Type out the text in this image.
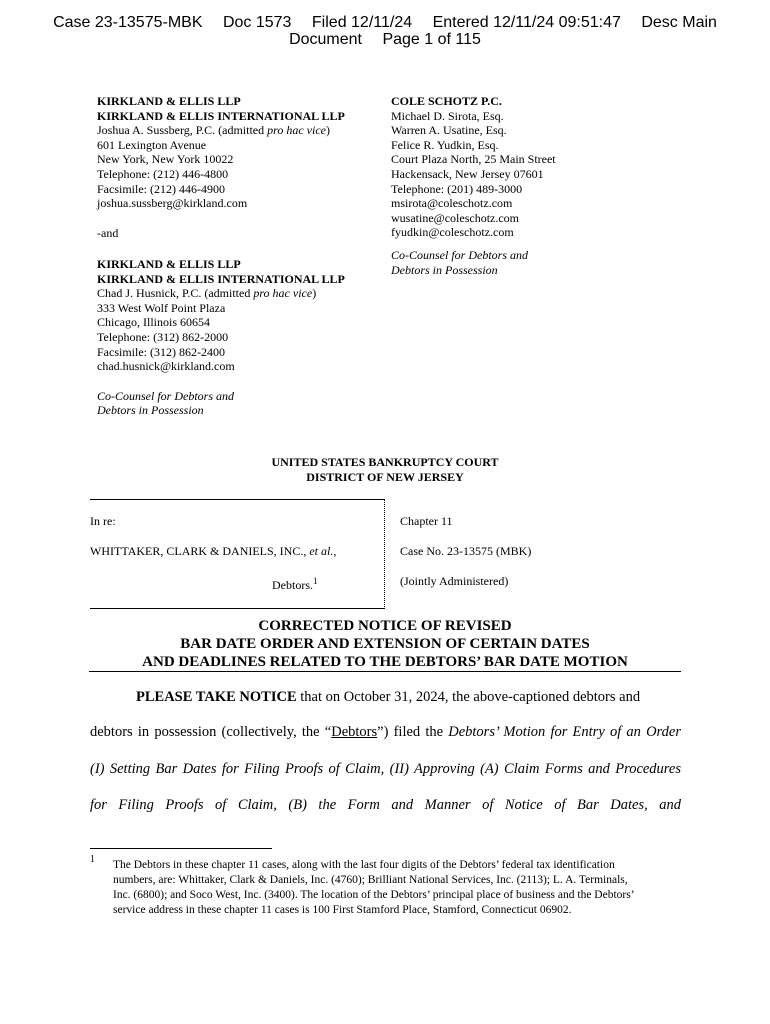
Case 23-13575-MBK Doc 1573 Filed 12/11/24 Entered 12/11/24 09:51:47 Desc Main
Document Page 1 of 115
KIRKLAND & ELLIS LLP
KIRKLAND & ELLIS INTERNATIONAL LLP
Joshua A. Sussberg, P.C. (admitted pro hac vice)
601 Lexington Avenue
New York, New York 10022
Telephone: (212) 446-4800
Facsimile: (212) 446-4900
joshua.sussberg@kirkland.com
-and
KIRKLAND & ELLIS LLP
KIRKLAND & ELLIS INTERNATIONAL LLP
Chad J. Husnick, P.C. (admitted pro hac vice)
333 West Wolf Point Plaza
Chicago, Illinois 60654
Telephone: (312) 862-2000
Facsimile: (312) 862-2400
chad.husnick@kirkland.com
Co-Counsel for Debtors and
Debtors in Possession
COLE SCHOTZ P.C.
Michael D. Sirota, Esq.
Warren A. Usatine, Esq.
Felice R. Yudkin, Esq.
Court Plaza North, 25 Main Street
Hackensack, New Jersey 07601
Telephone: (201) 489-3000
msirota@coleschotz.com
wusatine@coleschotz.com
fyudkin@coleschotz.com
Co-Counsel for Debtors and
Debtors in Possession
UNITED STATES BANKRUPTCY COURT
DISTRICT OF NEW JERSEY
In re:
WHITTAKER, CLARK & DANIELS, INC., et al.,
Debtors.$^1$
Chapter 11
Case No. 23-13575 (MBK)
(Jointly Administered)
CORRECTED NOTICE OF REVISED
BAR DATE ORDER AND EXTENSION OF CERTAIN DATES
AND DEADLINES RELATED TO THE DEBTORS’ BAR DATE MOTION
PLEASE TAKE NOTICE that on October 31, 2024, the above-captioned debtors and
debtors in possession (collectively, the “Debtors”) filed the Debtors’ Motion for Entry of an Order
(I) Setting Bar Dates for Filing Proofs of Claim, (II) Approving (A) Claim Forms and Procedures
for Filing Proofs of Claim, (B) the Form and Manner of Notice of Bar Dates, and
1 The Debtors in these chapter 11 cases, along with the last four digits of the Debtors’ federal tax identification
numbers, are: Whittaker, Clark & Daniels, Inc. (4760); Brilliant National Services, Inc. (2113); L. A. Terminals,
Inc. (6800); and Soco West, Inc. (3400). The location of the Debtors’ principal place of business and the Debtors’
service address in these chapter 11 cases is 100 First Stamford Place, Stamford, Connecticut 06902.
